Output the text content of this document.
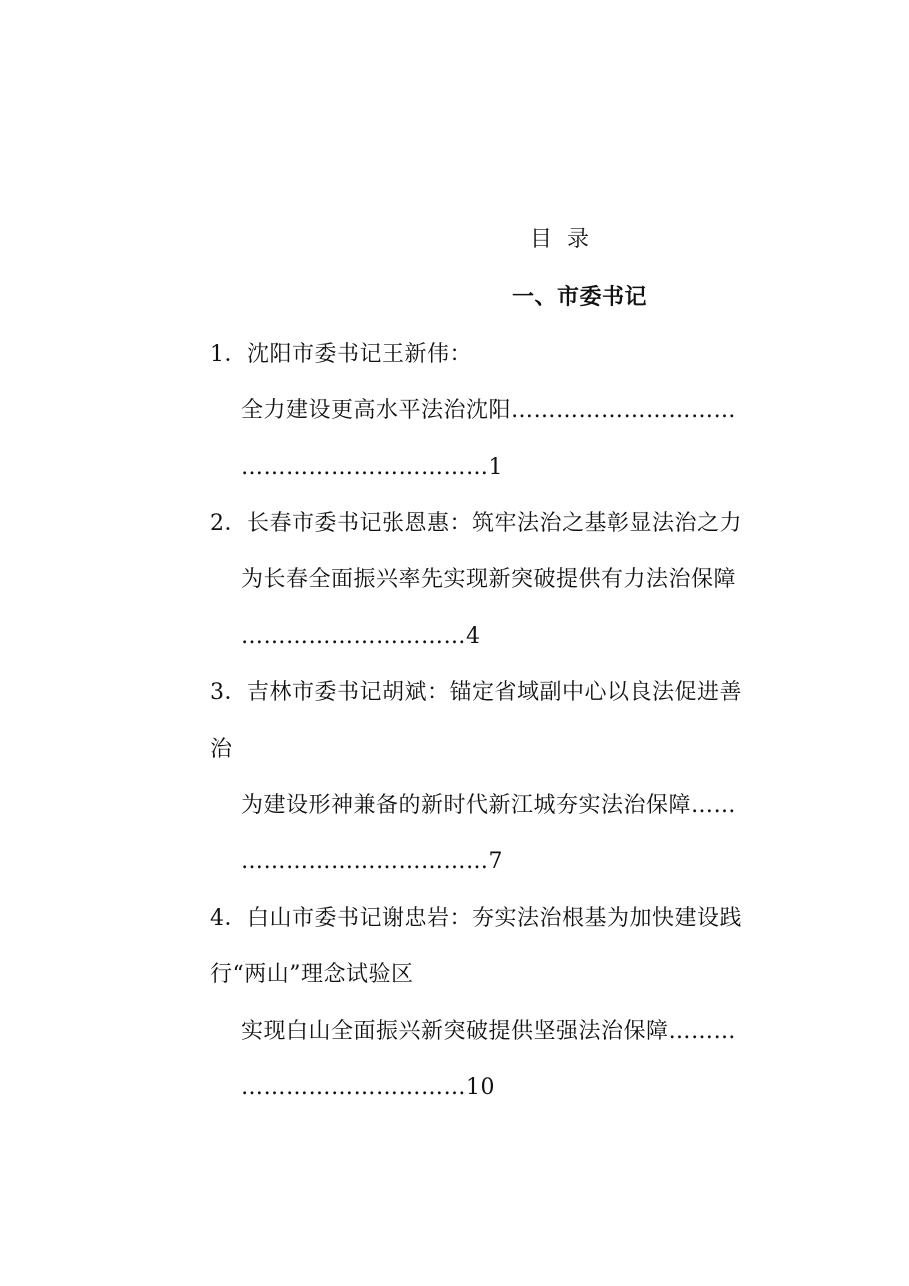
目 录
一、市委书记
1．沈阳市委书记王新伟：
全力建设更高水平法治沈阳…………………………
……………………………1
2．长春市委书记张恩惠：筑牢法治之基彰显法治之力
为长春全面振兴率先实现新突破提供有力法治保障
…………………………4
3．吉林市委书记胡斌：锚定省域副中心以良法促进善
治
为建设形神兼备的新时代新江城夯实法治保障……
……………………………7
4．白山市委书记谢忠岩：夯实法治根基为加快建设践
行“两山”理念试验区
实现白山全面振兴新突破提供坚强法治保障………
…………………………10
